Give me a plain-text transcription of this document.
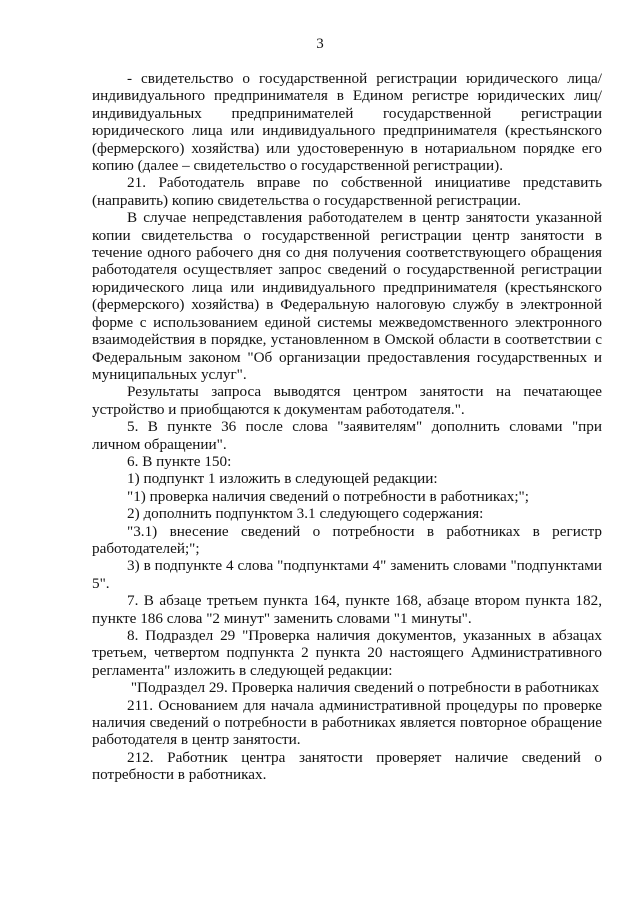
3

- свидетельство о государственной регистрации юридического лица/индивидуального предпринимателя в Едином регистре юридических лиц/индивидуальных предпринимателей государственной регистрации юридического лица или индивидуального предпринимателя (крестьянского (фермерского) хозяйства) или удостоверенную в нотариальном порядке его копию (далее – свидетельство о государственной регистрации).

21. Работодатель вправе по собственной инициативе представить (направить) копию свидетельства о государственной регистрации.

В случае непредставления работодателем в центр занятости указанной копии свидетельства о государственной регистрации центр занятости в течение одного рабочего дня со дня получения соответствующего обращения работодателя осуществляет запрос сведений о государственной регистрации юридического лица или индивидуального предпринимателя (крестьянского (фермерского) хозяйства) в Федеральную налоговую службу в электронной форме с использованием единой системы межведомственного электронного взаимодействия в порядке, установленном в Омской области в соответствии с Федеральным законом "Об организации предоставления государственных и муниципальных услуг".

Результаты запроса выводятся центром занятости на печатающее устройство и приобщаются к документам работодателя.".

5. В пункте 36 после слова "заявителям" дополнить словами "при личном обращении".

6. В пункте 150:

1) подпункт 1 изложить в следующей редакции:

"1) проверка наличия сведений о потребности в работниках;";

2) дополнить подпунктом 3.1 следующего содержания:

"3.1) внесение сведений о потребности в работниках в регистр работодателей;";

3) в подпункте 4 слова "подпунктами 4" заменить словами "подпунктами 5".

7. В абзаце третьем пункта 164, пункте 168, абзаце втором пункта 182, пункте 186 слова "2 минут" заменить словами "1 минуты".

8. Подраздел 29 "Проверка наличия документов, указанных в абзацах третьем, четвертом подпункта 2 пункта 20 настоящего Административного регламента" изложить в следующей редакции:

"Подраздел 29. Проверка наличия сведений о потребности в работниках

211. Основанием для начала административной процедуры по проверке наличия сведений о потребности в работниках является повторное обращение работодателя в центр занятости.

212. Работник центра занятости проверяет наличие сведений о потребности в работниках.
